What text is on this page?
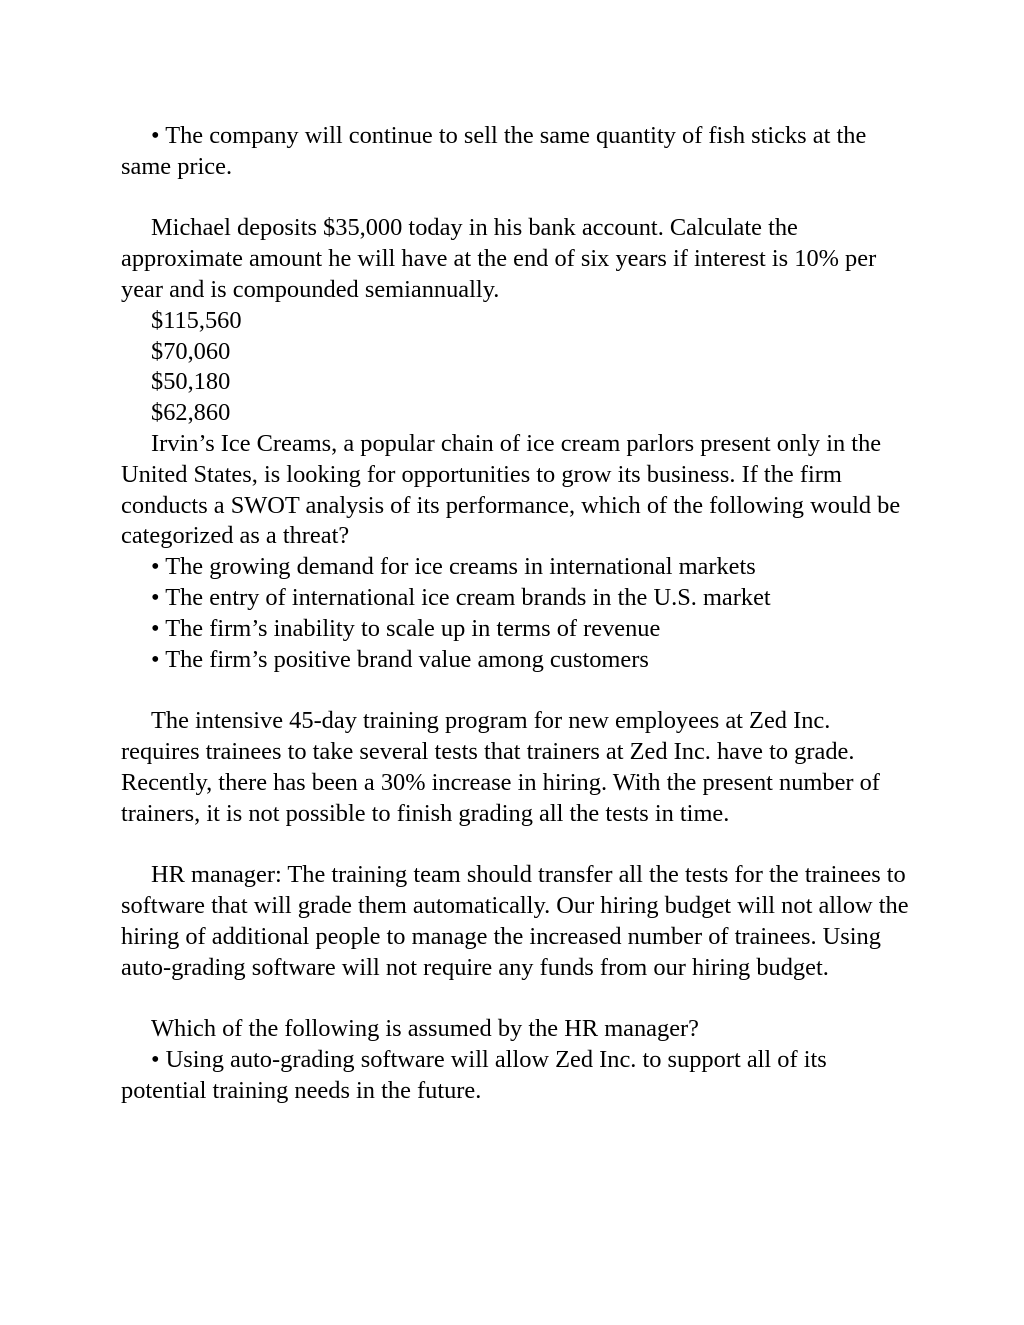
• The company will continue to sell the same quantity of fish sticks at the same price.

Michael deposits $35,000 today in his bank account. Calculate the approximate amount he will have at the end of six years if interest is 10% per year and is compounded semiannually.

$115,560

$70,060

$50,180

$62,860

Irvin’s Ice Creams, a popular chain of ice cream parlors present only in the United States, is looking for opportunities to grow its business. If the firm conducts a SWOT analysis of its performance, which of the following would be categorized as a threat?

• The growing demand for ice creams in international markets

• The entry of international ice cream brands in the U.S. market

• The firm’s inability to scale up in terms of revenue

• The firm’s positive brand value among customers

The intensive 45-day training program for new employees at Zed Inc. requires trainees to take several tests that trainers at Zed Inc. have to grade. Recently, there has been a 30% increase in hiring. With the present number of trainers, it is not possible to finish grading all the tests in time.

HR manager: The training team should transfer all the tests for the trainees to software that will grade them automatically. Our hiring budget will not allow the hiring of additional people to manage the increased number of trainees. Using auto-grading software will not require any funds from our hiring budget.

Which of the following is assumed by the HR manager?

• Using auto-grading software will allow Zed Inc. to support all of its potential training needs in the future.
